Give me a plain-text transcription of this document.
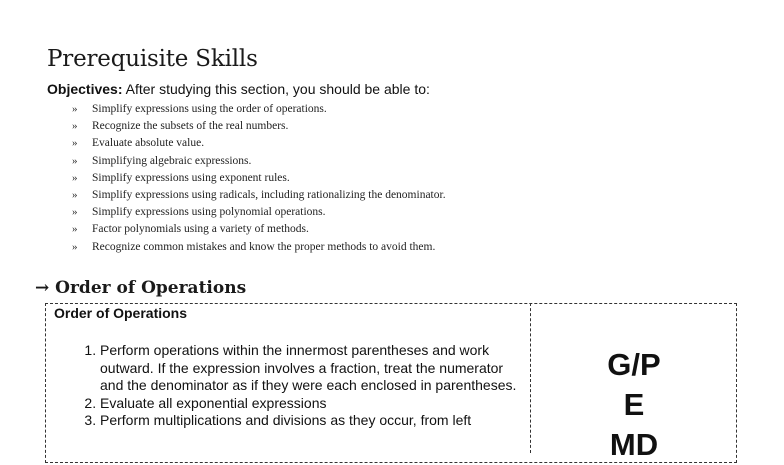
Prerequisite Skills
Objectives: After studying this section, you should be able to:
» Simplify expressions using the order of operations.
» Recognize the subsets of the real numbers.
» Evaluate absolute value.
» Simplifying algebraic expressions.
» Simplify expressions using exponent rules.
» Simplify expressions using radicals, including rationalizing the denominator.
» Simplify expressions using polynomial operations.
» Factor polynomials using a variety of methods.
» Recognize common mistakes and know the proper methods to avoid them.
→ Order of Operations
Order of Operations
1. Perform operations within the innermost parentheses and work outward. If the expression involves a fraction, treat the numerator and the denominator as if they were each enclosed in parentheses.
2. Evaluate all exponential expressions
3. Perform multiplications and divisions as they occur, from left
G/P
E
MD
